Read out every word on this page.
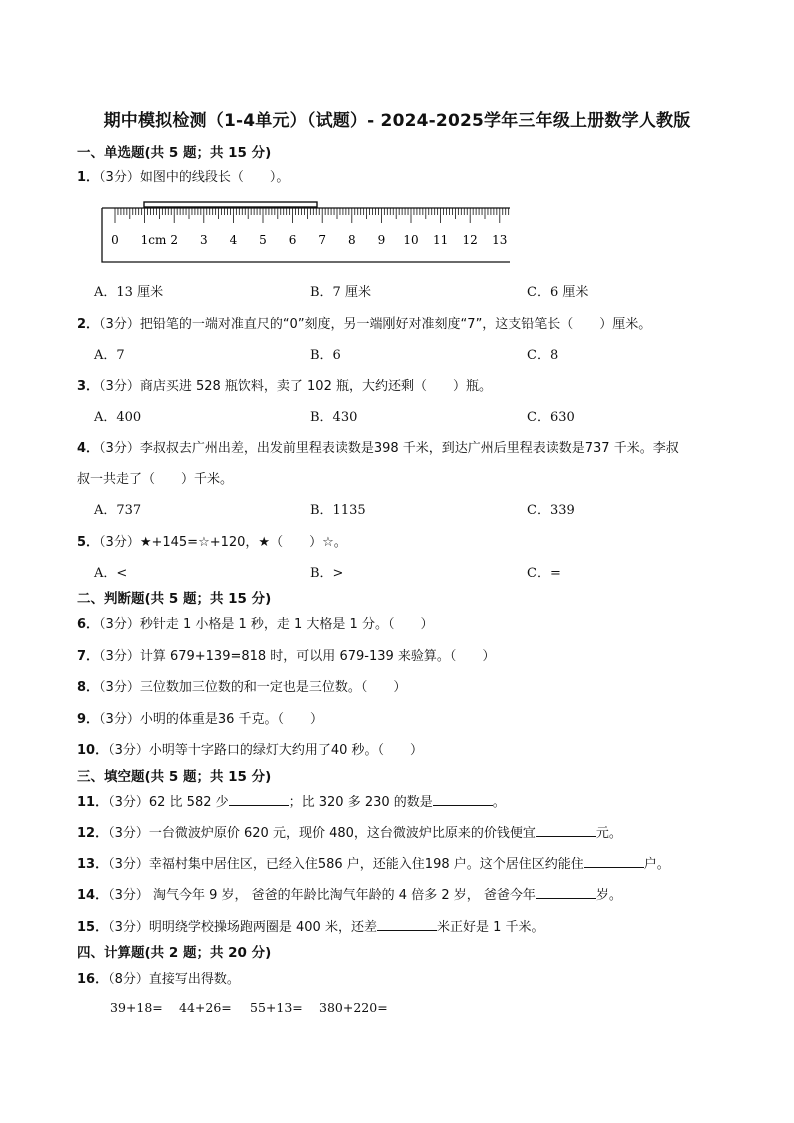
期中模拟检测（1-4单元）（试题）- 2024-2025学年三年级上册数学人教版
一、单选题(共 5 题；共 15 分)
1．（3分）如图中的线段长（　　）。
0 1cm 2 3 4 5 6 7 8 9 10 11 12 13
A．13 厘米	B．7 厘米	C．6 厘米
2．（3分）把铅笔的一端对准直尺的“0”刻度，另一端刚好对准刻度“7”，这支铅笔长（　　）厘米。
A．7	B．6	C．8
3．（3分）商店买进 528 瓶饮料，卖了 102 瓶，大约还剩（　　）瓶。
A．400	B．430	C．630
4．（3分）李叔叔去广州出差，出发前里程表读数是398 千米，到达广州后里程表读数是737 千米。李叔
叔一共走了（　　）千米。
A．737	B．1135	C．339
5．（3分）★+145=☆+120，★（　　）☆。
A．<	B．>	C．=
二、判断题(共 5 题；共 15 分)
6．（3分）秒针走 1 小格是 1 秒，走 1 大格是 1 分。（　　）
7．（3分）计算 679+139=818 时，可以用 679-139 来验算。（　　）
8．（3分）三位数加三位数的和一定也是三位数。（　　）
9．（3分）小明的体重是36 千克。（　　）
10．（3分）小明等十字路口的绿灯大约用了40 秒。（　　）
三、填空题(共 5 题；共 15 分)
11．（3分）62 比 582 少	；比 320 多 230 的数是	。
12．（3分）一台微波炉原价 620 元，现价 480，这台微波炉比原来的价钱便宜	元。
13．（3分）幸福村集中居住区，已经入住586 户，还能入住198 户。这个居住区约能住	户。
14．（3分） 淘气今年 9 岁， 爸爸的年龄比淘气年龄的 4 倍多 2 岁， 爸爸今年	岁。
15．（3分）明明绕学校操场跑两圈是 400 米，还差	米正好是 1 千米。
四、计算题(共 2 题；共 20 分)
16．（8分）直接写出得数。
39+18= 44+26= 55+13= 380+220=
